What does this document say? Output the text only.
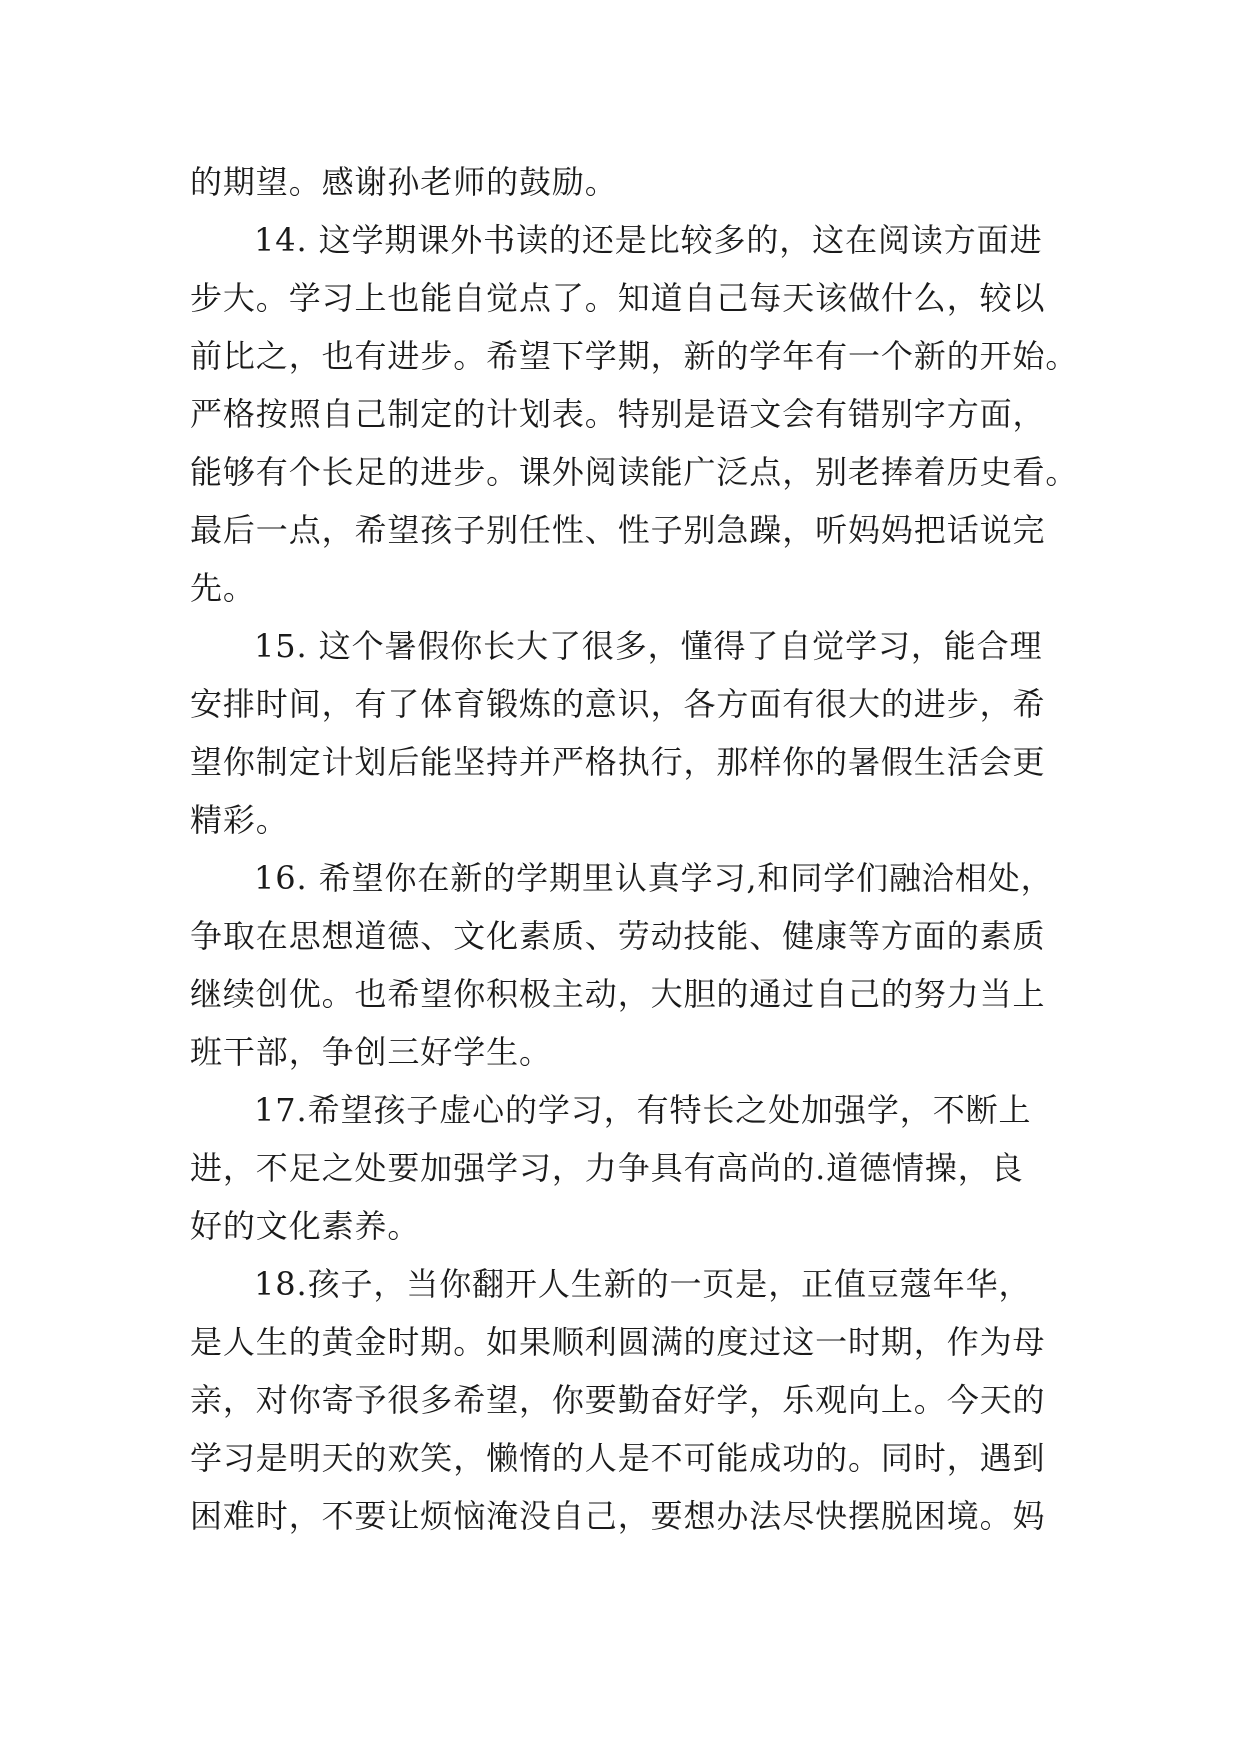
的期望。感谢孙老师的鼓励。
14. 这学期课外书读的还是比较多的，这在阅读方面进
步大。学习上也能自觉点了。知道自己每天该做什么，较以
前比之，也有进步。希望下学期，新的学年有一个新的开始。
严格按照自己制定的计划表。特别是语文会有错别字方面，
能够有个长足的进步。课外阅读能广泛点，别老捧着历史看。
最后一点，希望孩子别任性、性子别急躁，听妈妈把话说完
先。
15. 这个暑假你长大了很多，懂得了自觉学习，能合理
安排时间，有了体育锻炼的意识，各方面有很大的进步，希
望你制定计划后能坚持并严格执行，那样你的暑假生活会更
精彩。
16. 希望你在新的学期里认真学习,和同学们融洽相处，
争取在思想道德、文化素质、劳动技能、健康等方面的素质
继续创优。也希望你积极主动，大胆的通过自己的努力当上
班干部，争创三好学生。
17.希望孩子虚心的学习，有特长之处加强学，不断上
进，不足之处要加强学习，力争具有高尚的.道德情操，良
好的文化素养。
18.孩子，当你翻开人生新的一页是，正值豆蔻年华，
是人生的黄金时期。如果顺利圆满的度过这一时期，作为母
亲，对你寄予很多希望，你要勤奋好学，乐观向上。今天的
学习是明天的欢笑，懒惰的人是不可能成功的。同时，遇到
困难时，不要让烦恼淹没自己，要想办法尽快摆脱困境。妈
